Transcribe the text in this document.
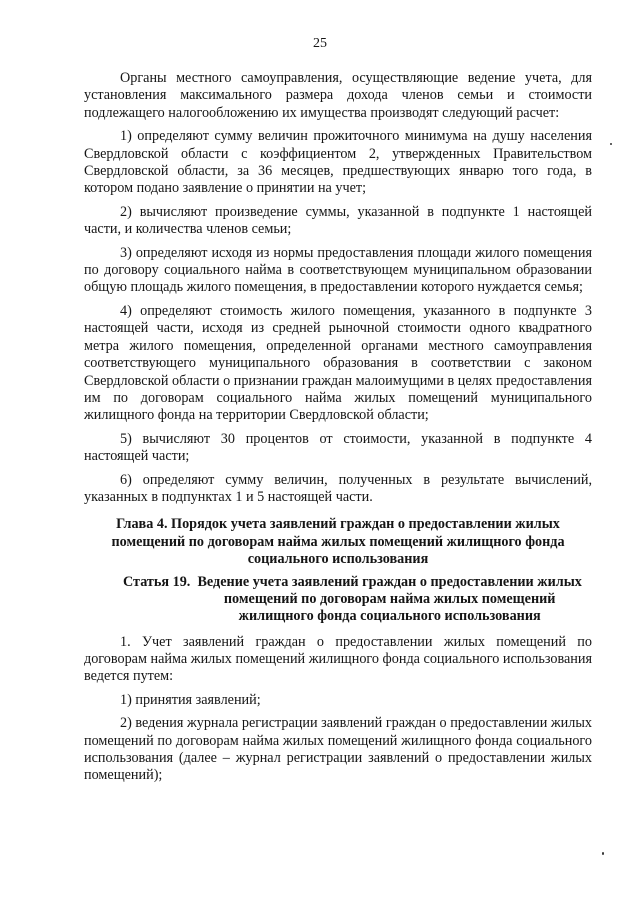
25

Органы местного самоуправления, осуществляющие ведение учета, для установления максимального размера дохода членов семьи и стоимости подлежащего налогообложению их имущества производят следующий расчет:

1) определяют сумму величин прожиточного минимума на душу населения Свердловской области с коэффициентом 2, утвержденных Правительством Свердловской области, за 36 месяцев, предшествующих январю того года, в котором подано заявление о принятии на учет;

2) вычисляют произведение суммы, указанной в подпункте 1 настоящей части, и количества членов семьи;

3) определяют исходя из нормы предоставления площади жилого помещения по договору социального найма в соответствующем муниципальном образовании общую площадь жилого помещения, в предоставлении которого нуждается семья;

4) определяют стоимость жилого помещения, указанного в подпункте 3 настоящей части, исходя из средней рыночной стоимости одного квадратного метра жилого помещения, определенной органами местного самоуправления соответствующего муниципального образования в соответствии с законом Свердловской области о признании граждан малоимущими в целях предоставления им по договорам социального найма жилых помещений муниципального жилищного фонда на территории Свердловской области;

5) вычисляют 30 процентов от стоимости, указанной в подпункте 4 настоящей части;

6) определяют сумму величин, полученных в результате вычислений, указанных в подпунктах 1 и 5 настоящей части.

Глава 4. Порядок учета заявлений граждан о предоставлении жилых помещений по договорам найма жилых помещений жилищного фонда социального использования
Статья 19. Ведение учета заявлений граждан о предоставлении жилых помещений по договорам найма жилых помещений жилищного фонда социального использования

1. Учет заявлений граждан о предоставлении жилых помещений по договорам найма жилых помещений жилищного фонда социального использования ведется путем:

1) принятия заявлений;

2) ведения журнала регистрации заявлений граждан о предоставлении жилых помещений по договорам найма жилых помещений жилищного фонда социального использования (далее – журнал регистрации заявлений о предоставлении жилых помещений);
